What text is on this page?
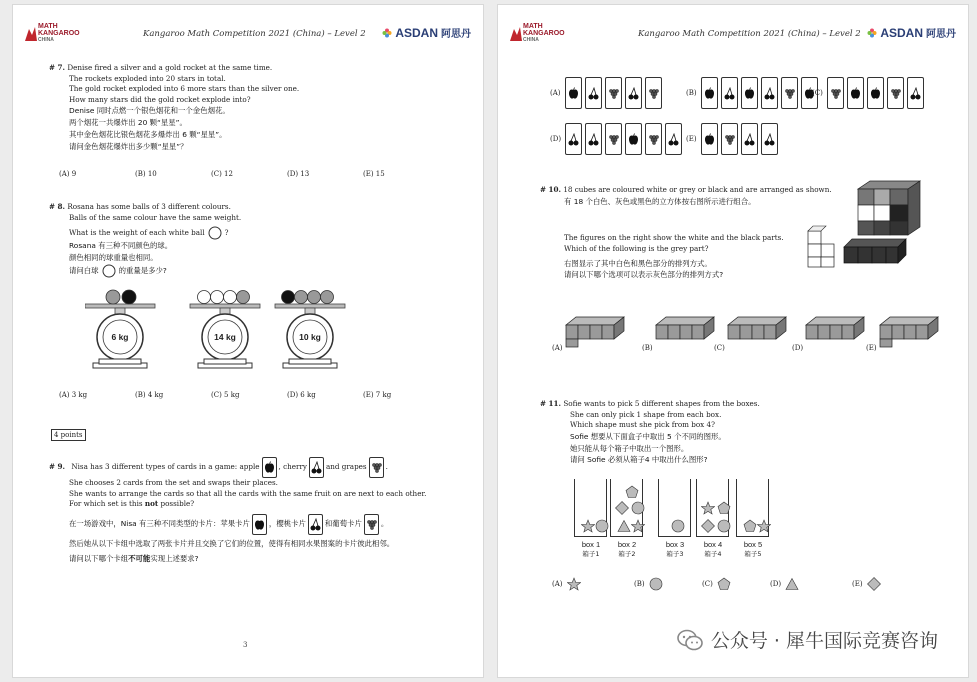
MATH
KANGAROO
CHINA
Kangaroo Math Competition 2021 (China) – Level 2 ASDAN 阿思丹
# 7. Denise fired a silver and a gold rocket at the same time.
The rockets exploded into 20 stars in total.
The gold rocket exploded into 6 more stars than the silver one.
How many stars did the gold rocket explode into?
Denise 同时点燃一个银色烟花和一个金色烟花。
两个烟花一共爆炸出 20 颗“星星”。
其中金色烟花比银色烟花多爆炸出 6 颗“星星”。
请问金色烟花爆炸出多少颗“星星”？
(A) 9	(B) 10	(C) 12	(D) 13	(E) 15
# 8. Rosana has some balls of 3 different colours.
Balls of the same colour have the same weight.
What is the weight of each white ball	?
Rosana 有三种不同颜色的球。
颜色相同的球重量也相同。
请问白球	的重量是多少?
6 kg	14 kg	10 kg
(A) 3 kg	(B) 4 kg	(C) 5 kg	(D) 6 kg	(E) 7 kg
4 points
# 9.
Nisa has 3 different types of cards in a game: apple	, cherry	and grapes	.
She chooses 2 cards from the set and swaps their places.
She wants to arrange the cards so that all the cards with the same fruit on are next to each other.
For which set is this not possible?
在一场游戏中，Nisa 有三种不同类型的卡片：苹果卡片	，樱桃卡片	和葡萄卡片	。
然后她从以下卡组中选取了两张卡片并且交换了它们的位置，使得有相同水果图案的卡片彼此相邻。
请问以下哪个卡组不可能实现上述要求?
3
MATH
KANGAROO
CHINA
Kangaroo Math Competition 2021 (China) – Level 2 ASDAN 阿思丹
(A)	(B)	(C)
(D)	(E)
# 10. 18 cubes are coloured white or grey or black and are arranged as shown.
有 18 个白色、灰色或黑色的立方体按右图所示进行组合。
The figures on the right show the white and the black parts.
Which of the following is the grey part?
右图显示了其中白色和黑色部分的排列方式。
请问以下哪个选项可以表示灰色部分的排列方式?
(A)	(B)	(C)	(D)	(E)
# 11. Sofie wants to pick 5 different shapes from the boxes.
She can only pick 1 shape from each box.
Which shape must she pick from box 4?
Sofie 想要从下面盒子中取出 5 个不同的图形。
她只能从每个箱子中取出一个图形。
请问 Sofie 必须从箱子4 中取出什么图形?
box 1
箱子1
box 2
箱子2
box 3
箱子3
box 4
箱子4
box 5
箱子5
(A)	(B)	(C)	(D)	(E)
公众号 · 犀牛国际竞赛咨询
